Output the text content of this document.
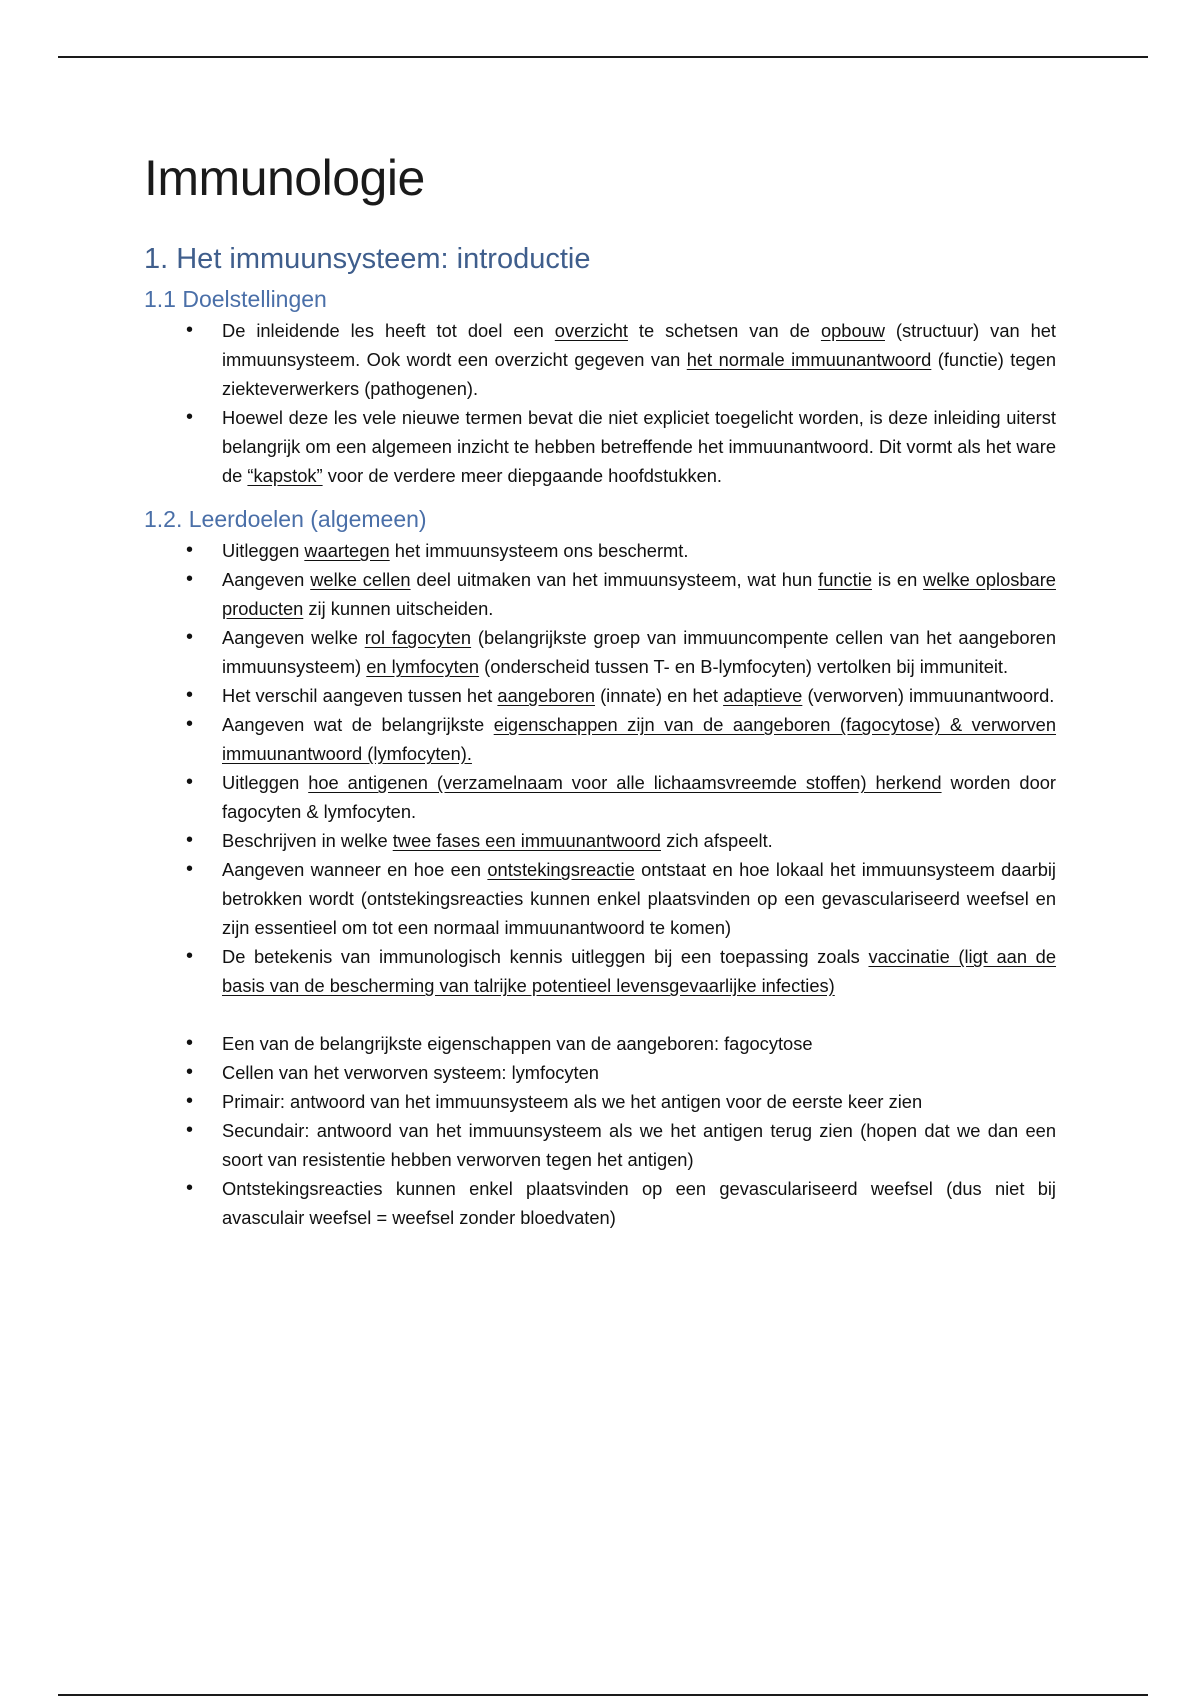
Immunologie
1. Het immuunsysteem: introductie
1.1 Doelstellingen
• De inleidende les heeft tot doel een overzicht te schetsen van de opbouw (structuur) van het immuunsysteem. Ook wordt een overzicht gegeven van het normale immuunantwoord (functie) tegen ziekteverwerkers (pathogenen).
• Hoewel deze les vele nieuwe termen bevat die niet expliciet toegelicht worden, is deze inleiding uiterst belangrijk om een algemeen inzicht te hebben betreffende het immuunantwoord. Dit vormt als het ware de “kapstok” voor de verdere meer diepgaande hoofdstukken.
1.2. Leerdoelen (algemeen)
• Uitleggen waartegen het immuunsysteem ons beschermt.
• Aangeven welke cellen deel uitmaken van het immuunsysteem, wat hun functie is en welke oplosbare producten zij kunnen uitscheiden.
• Aangeven welke rol fagocyten (belangrijkste groep van immuuncompente cellen van het aangeboren immuunsysteem) en lymfocyten (onderscheid tussen T- en B-lymfocyten) vertolken bij immuniteit.
• Het verschil aangeven tussen het aangeboren (innate) en het adaptieve (verworven) immuunantwoord.
• Aangeven wat de belangrijkste eigenschappen zijn van de aangeboren (fagocytose) & verworven immuunantwoord (lymfocyten).
• Uitleggen hoe antigenen (verzamelnaam voor alle lichaamsvreemde stoffen) herkend worden door fagocyten & lymfocyten.
• Beschrijven in welke twee fases een immuunantwoord zich afspeelt.
• Aangeven wanneer en hoe een ontstekingsreactie ontstaat en hoe lokaal het immuunsysteem daarbij betrokken wordt (ontstekingsreacties kunnen enkel plaatsvinden op een gevasculariseerd weefsel en zijn essentieel om tot een normaal immuunantwoord te komen)
• De betekenis van immunologisch kennis uitleggen bij een toepassing zoals vaccinatie (ligt aan de basis van de bescherming van talrijke potentieel levensgevaarlijke infecties)
• Een van de belangrijkste eigenschappen van de aangeboren: fagocytose
• Cellen van het verworven systeem: lymfocyten
• Primair: antwoord van het immuunsysteem als we het antigen voor de eerste keer zien
• Secundair: antwoord van het immuunsysteem als we het antigen terug zien (hopen dat we dan een soort van resistentie hebben verworven tegen het antigen)
• Ontstekingsreacties kunnen enkel plaatsvinden op een gevasculariseerd weefsel (dus niet bij avasculair weefsel = weefsel zonder bloedvaten)
